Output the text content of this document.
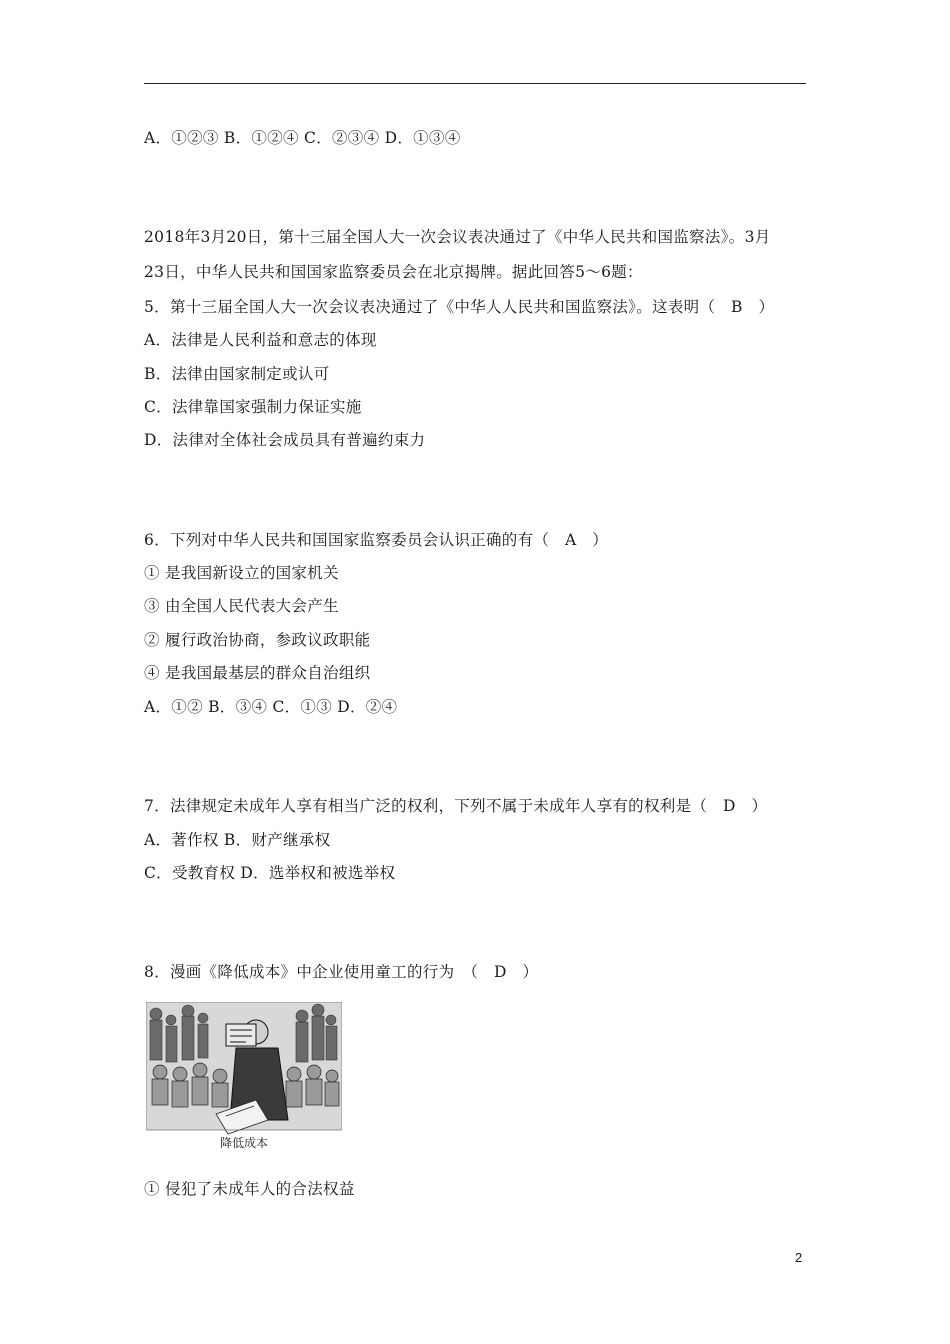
A．①②③ B．①②④ C．②③④ D．①③④
2018年3月20日，第十三届全国人大一次会议表决通过了《中华人民共和国监察法》。3月
23日，中华人民共和国国家监察委员会在北京揭牌。据此回答5～6题：
5．第十三届全国人大一次会议表决通过了《中华人人民共和国监察法》。这表明（　B　）
A．法律是人民利益和意志的体现
B．法律由国家制定或认可
C．法律靠国家强制力保证实施
D．法律对全体社会成员具有普遍约束力
6．下列对中华人民共和国国家监察委员会认识正确的有（　A　）
① 是我国新设立的国家机关
③ 由全国人民代表大会产生
② 履行政治协商，参政议政职能
④ 是我国最基层的群众自治组织
A．①② B．③④ C．①③ D．②④
7．法律规定未成年人享有相当广泛的权利，下列不属于未成年人享有的权利是（　D　）
A．著作权 B．财产继承权
C．受教育权 D．选举权和被选举权
8．漫画《降低成本》中企业使用童工的行为　（　D　）
降低成本
① 侵犯了未成年人的合法权益
2
